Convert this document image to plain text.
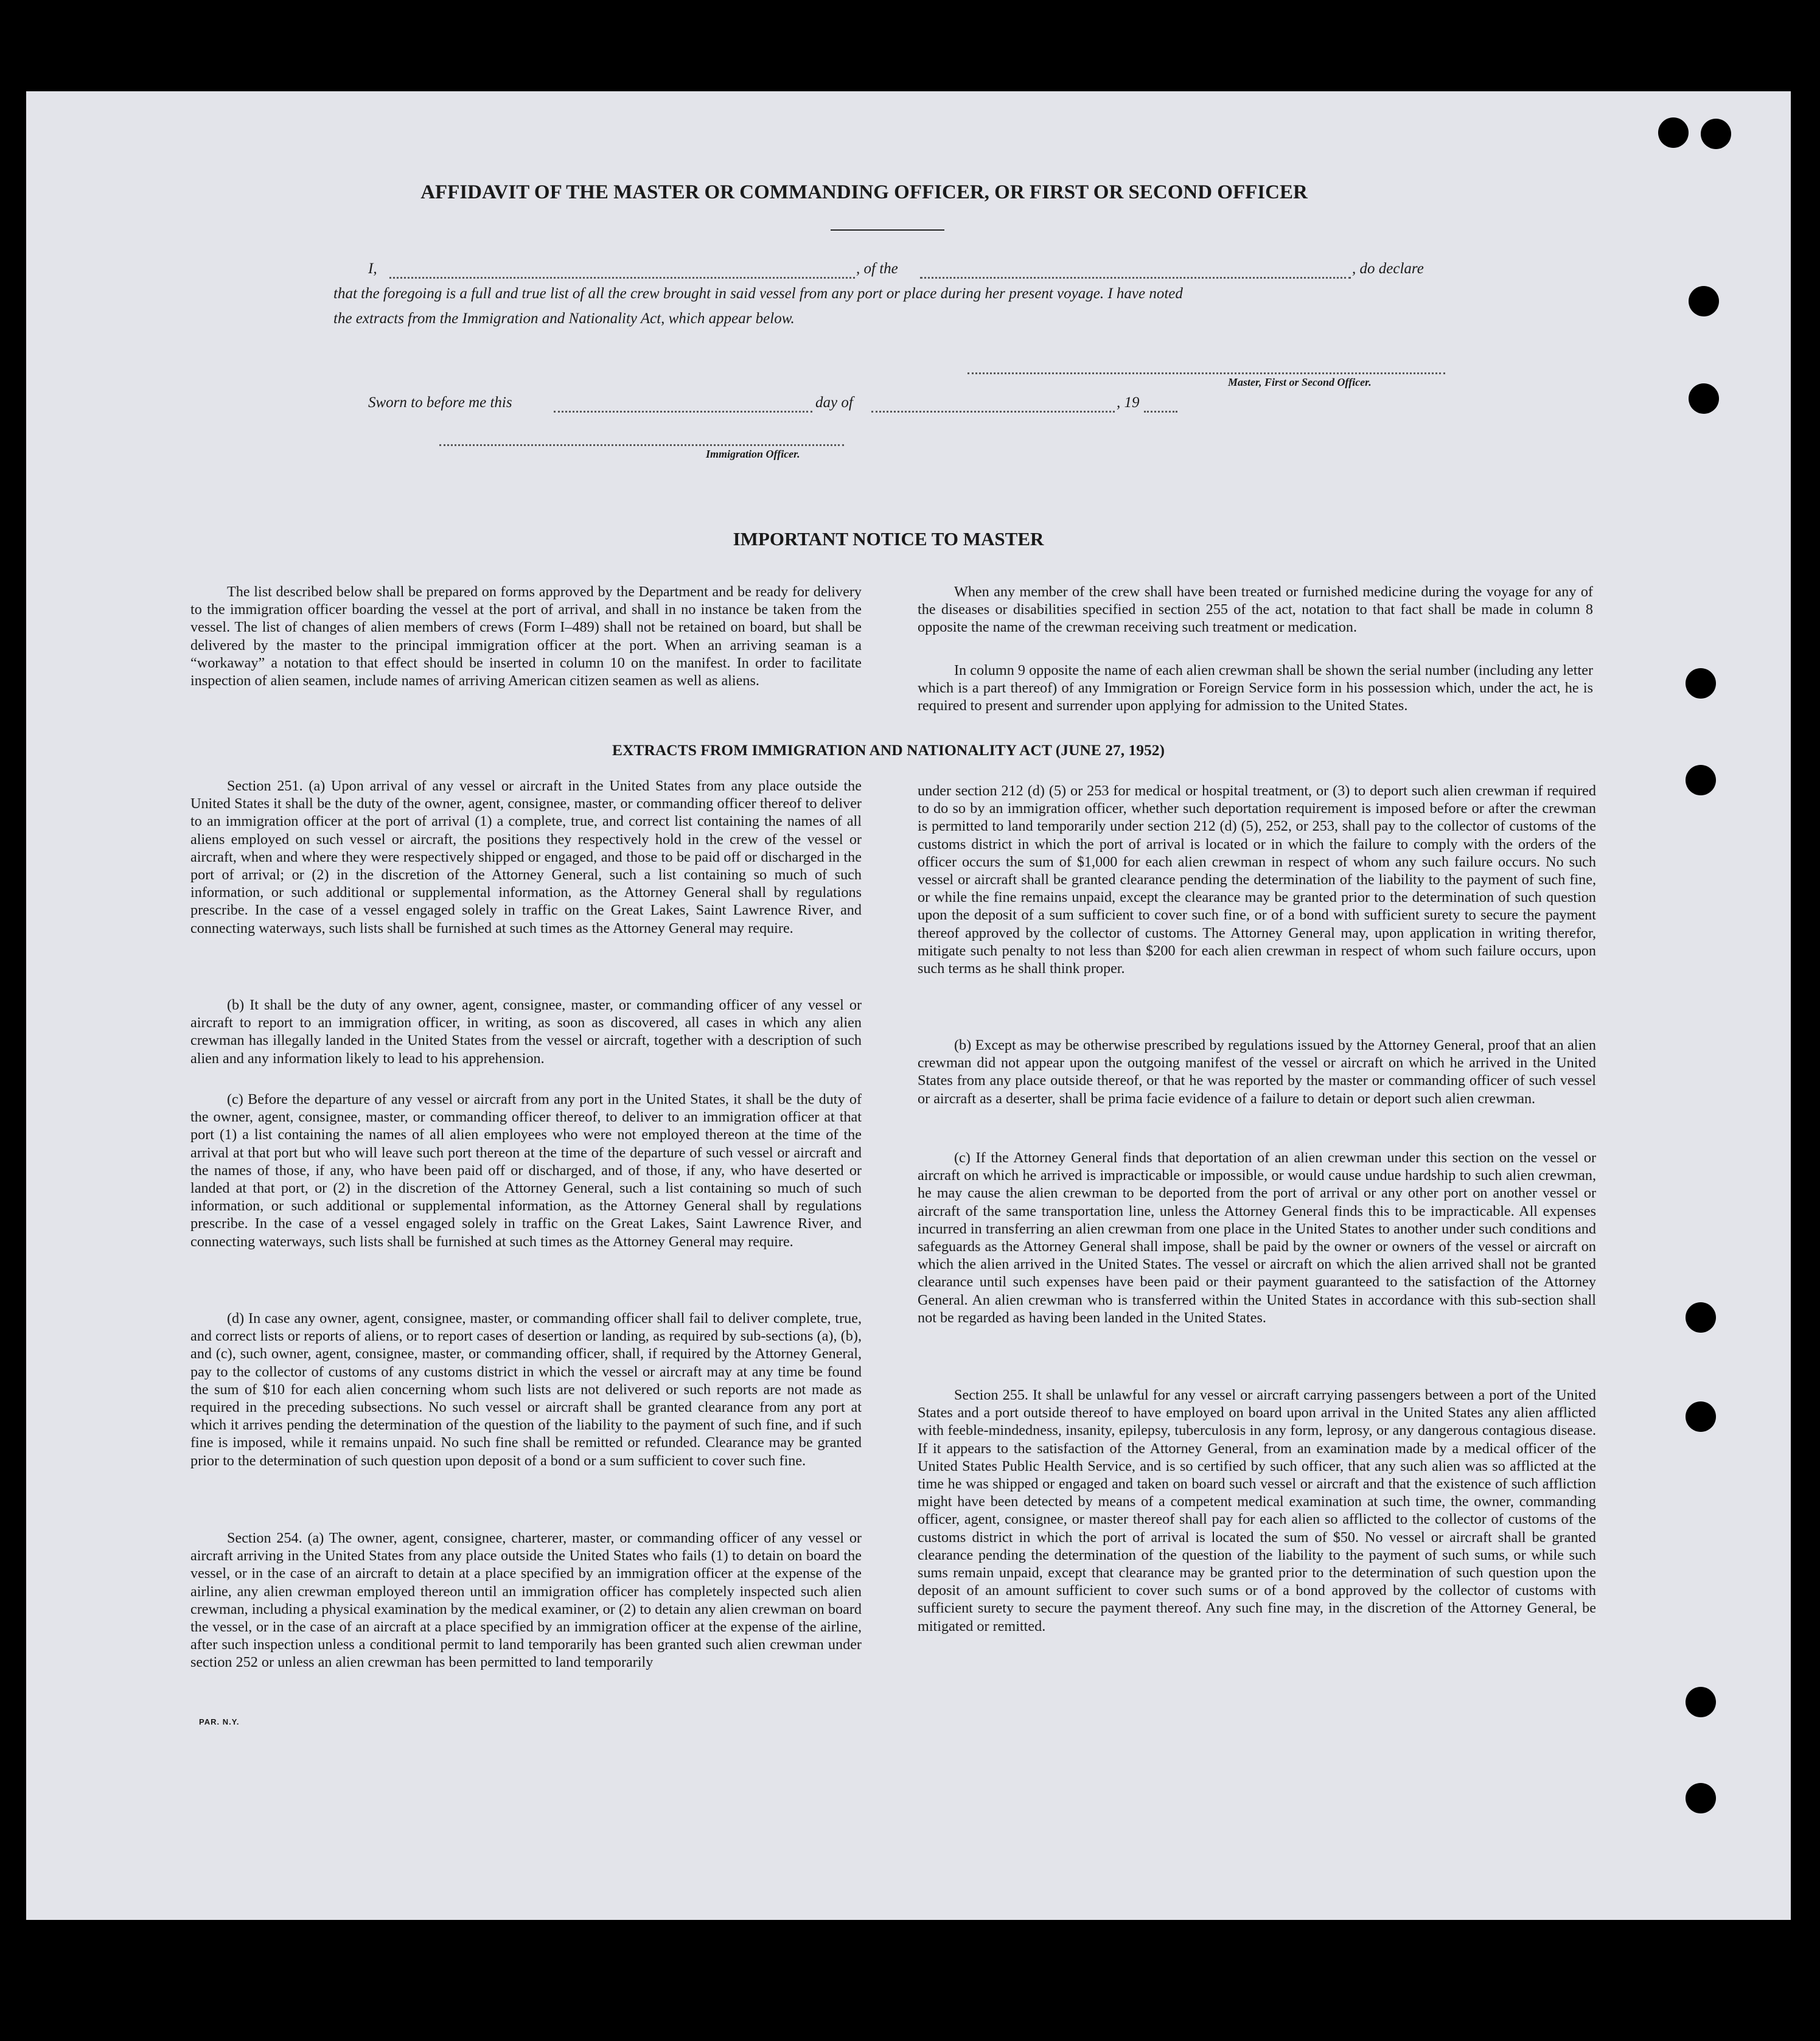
AFFIDAVIT OF THE MASTER OR COMMANDING OFFICER, OR FIRST OR SECOND OFFICER
I,	, of the	, do declare
that the foregoing is a full and true list of all the crew brought in said vessel from any port or place during her present voyage. I have noted
the extracts from the Immigration and Nationality Act, which appear below.
Master, First or Second Officer.
Sworn to before me this	day of	, 19
Immigration Officer.
IMPORTANT NOTICE TO MASTER

The list described below shall be prepared on forms approved by the Department and be ready for delivery to the immigration officer boarding the vessel at the port of arrival, and shall in no instance be taken from the vessel. The list of changes of alien members of crews (Form I–489) shall not be retained on board, but shall be delivered by the master to the principal immigration officer at the port. When an arriving seaman is a “workaway” a notation to that effect should be inserted in column 10 on the manifest. In order to facilitate inspection of alien seamen, include names of arriving American citizen seamen as well as aliens.

When any member of the crew shall have been treated or furnished medicine during the voyage for any of the diseases or disabilities specified in section 255 of the act, notation to that fact shall be made in column 8 opposite the name of the crewman receiving such treatment or medication.

In column 9 opposite the name of each alien crewman shall be shown the serial number (including any letter which is a part thereof) of any Immigration or Foreign Service form in his possession which, under the act, he is required to present and surrender upon applying for admission to the United States.

EXTRACTS FROM IMMIGRATION AND NATIONALITY ACT (JUNE 27, 1952)

Section 251. (a) Upon arrival of any vessel or aircraft in the United States from any place outside the United States it shall be the duty of the owner, agent, consignee, master, or commanding officer thereof to deliver to an immigration officer at the port of arrival (1) a complete, true, and correct list containing the names of all aliens employed on such vessel or aircraft, the positions they respectively hold in the crew of the vessel or aircraft, when and where they were respectively shipped or engaged, and those to be paid off or discharged in the port of arrival; or (2) in the discretion of the Attorney General, such a list containing so much of such information, or such additional or supplemental information, as the Attorney General shall by regulations prescribe. In the case of a vessel engaged solely in traffic on the Great Lakes, Saint Lawrence River, and connecting waterways, such lists shall be furnished at such times as the Attorney General may require.

(b) It shall be the duty of any owner, agent, consignee, master, or commanding officer of any vessel or aircraft to report to an immigration officer, in writing, as soon as discovered, all cases in which any alien crewman has illegally landed in the United States from the vessel or aircraft, together with a description of such alien and any information likely to lead to his apprehension.

(c) Before the departure of any vessel or aircraft from any port in the United States, it shall be the duty of the owner, agent, consignee, master, or commanding officer thereof, to deliver to an immigration officer at that port (1) a list containing the names of all alien employees who were not employed thereon at the time of the arrival at that port but who will leave such port thereon at the time of the departure of such vessel or aircraft and the names of those, if any, who have been paid off or discharged, and of those, if any, who have deserted or landed at that port, or (2) in the discretion of the Attorney General, such a list containing so much of such information, or such additional or supplemental information, as the Attorney General shall by regulations prescribe. In the case of a vessel engaged solely in traffic on the Great Lakes, Saint Lawrence River, and connecting waterways, such lists shall be furnished at such times as the Attorney General may require.

(d) In case any owner, agent, consignee, master, or commanding officer shall fail to deliver complete, true, and correct lists or reports of aliens, or to report cases of desertion or landing, as required by sub-sections (a), (b), and (c), such owner, agent, consignee, master, or commanding officer, shall, if required by the Attorney General, pay to the collector of customs of any customs district in which the vessel or aircraft may at any time be found the sum of $10 for each alien concerning whom such lists are not delivered or such reports are not made as required in the preceding subsections. No such vessel or aircraft shall be granted clearance from any port at which it arrives pending the determination of the question of the liability to the payment of such fine, and if such fine is imposed, while it remains unpaid. No such fine shall be remitted or refunded. Clearance may be granted prior to the determination of such question upon deposit of a bond or a sum sufficient to cover such fine.

Section 254. (a) The owner, agent, consignee, charterer, master, or commanding officer of any vessel or aircraft arriving in the United States from any place outside the United States who fails (1) to detain on board the vessel, or in the case of an aircraft to detain at a place specified by an immigration officer at the expense of the airline, any alien crewman employed thereon until an immigration officer has completely inspected such alien crewman, including a physical examination by the medical examiner, or (2) to detain any alien crewman on board the vessel, or in the case of an aircraft at a place specified by an immigration officer at the expense of the airline, after such inspection unless a conditional permit to land temporarily has been granted such alien crewman under section 252 or unless an alien crewman has been permitted to land temporarily

under section 212 (d) (5) or 253 for medical or hospital treatment, or (3) to deport such alien crewman if required to do so by an immigration officer, whether such deportation requirement is imposed before or after the crewman is permitted to land temporarily under section 212 (d) (5), 252, or 253, shall pay to the collector of customs of the customs district in which the port of arrival is located or in which the failure to comply with the orders of the officer occurs the sum of $1,000 for each alien crewman in respect of whom any such failure occurs. No such vessel or aircraft shall be granted clearance pending the determination of the liability to the payment of such fine, or while the fine remains unpaid, except the clearance may be granted prior to the determination of such question upon the deposit of a sum sufficient to cover such fine, or of a bond with sufficient surety to secure the payment thereof approved by the collector of customs. The Attorney General may, upon application in writing therefor, mitigate such penalty to not less than $200 for each alien crewman in respect of whom such failure occurs, upon such terms as he shall think proper.

(b) Except as may be otherwise prescribed by regulations issued by the Attorney General, proof that an alien crewman did not appear upon the outgoing manifest of the vessel or aircraft on which he arrived in the United States from any place outside thereof, or that he was reported by the master or commanding officer of such vessel or aircraft as a deserter, shall be prima facie evidence of a failure to detain or deport such alien crewman.

(c) If the Attorney General finds that deportation of an alien crewman under this section on the vessel or aircraft on which he arrived is impracticable or impossible, or would cause undue hardship to such alien crewman, he may cause the alien crewman to be deported from the port of arrival or any other port on another vessel or aircraft of the same transportation line, unless the Attorney General finds this to be impracticable. All expenses incurred in transferring an alien crewman from one place in the United States to another under such conditions and safeguards as the Attorney General shall impose, shall be paid by the owner or owners of the vessel or aircraft on which the alien arrived in the United States. The vessel or aircraft on which the alien arrived shall not be granted clearance until such expenses have been paid or their payment guaranteed to the satisfaction of the Attorney General. An alien crewman who is transferred within the United States in accordance with this sub-section shall not be regarded as having been landed in the United States.

Section 255. It shall be unlawful for any vessel or aircraft carrying passengers between a port of the United States and a port outside thereof to have employed on board upon arrival in the United States any alien afflicted with feeble-mindedness, insanity, epilepsy, tuberculosis in any form, leprosy, or any dangerous contagious disease. If it appears to the satisfaction of the Attorney General, from an examination made by a medical officer of the United States Public Health Service, and is so certified by such officer, that any such alien was so afflicted at the time he was shipped or engaged and taken on board such vessel or aircraft and that the existence of such affliction might have been detected by means of a competent medical examination at such time, the owner, commanding officer, agent, consignee, or master thereof shall pay for each alien so afflicted to the collector of customs of the customs district in which the port of arrival is located the sum of $50. No vessel or aircraft shall be granted clearance pending the determination of the question of the liability to the payment of such sums, or while such sums remain unpaid, except that clearance may be granted prior to the determination of such question upon the deposit of an amount sufficient to cover such sums or of a bond approved by the collector of customs with sufficient surety to secure the payment thereof. Any such fine may, in the discretion of the Attorney General, be mitigated or remitted.

PAR. N.Y.
